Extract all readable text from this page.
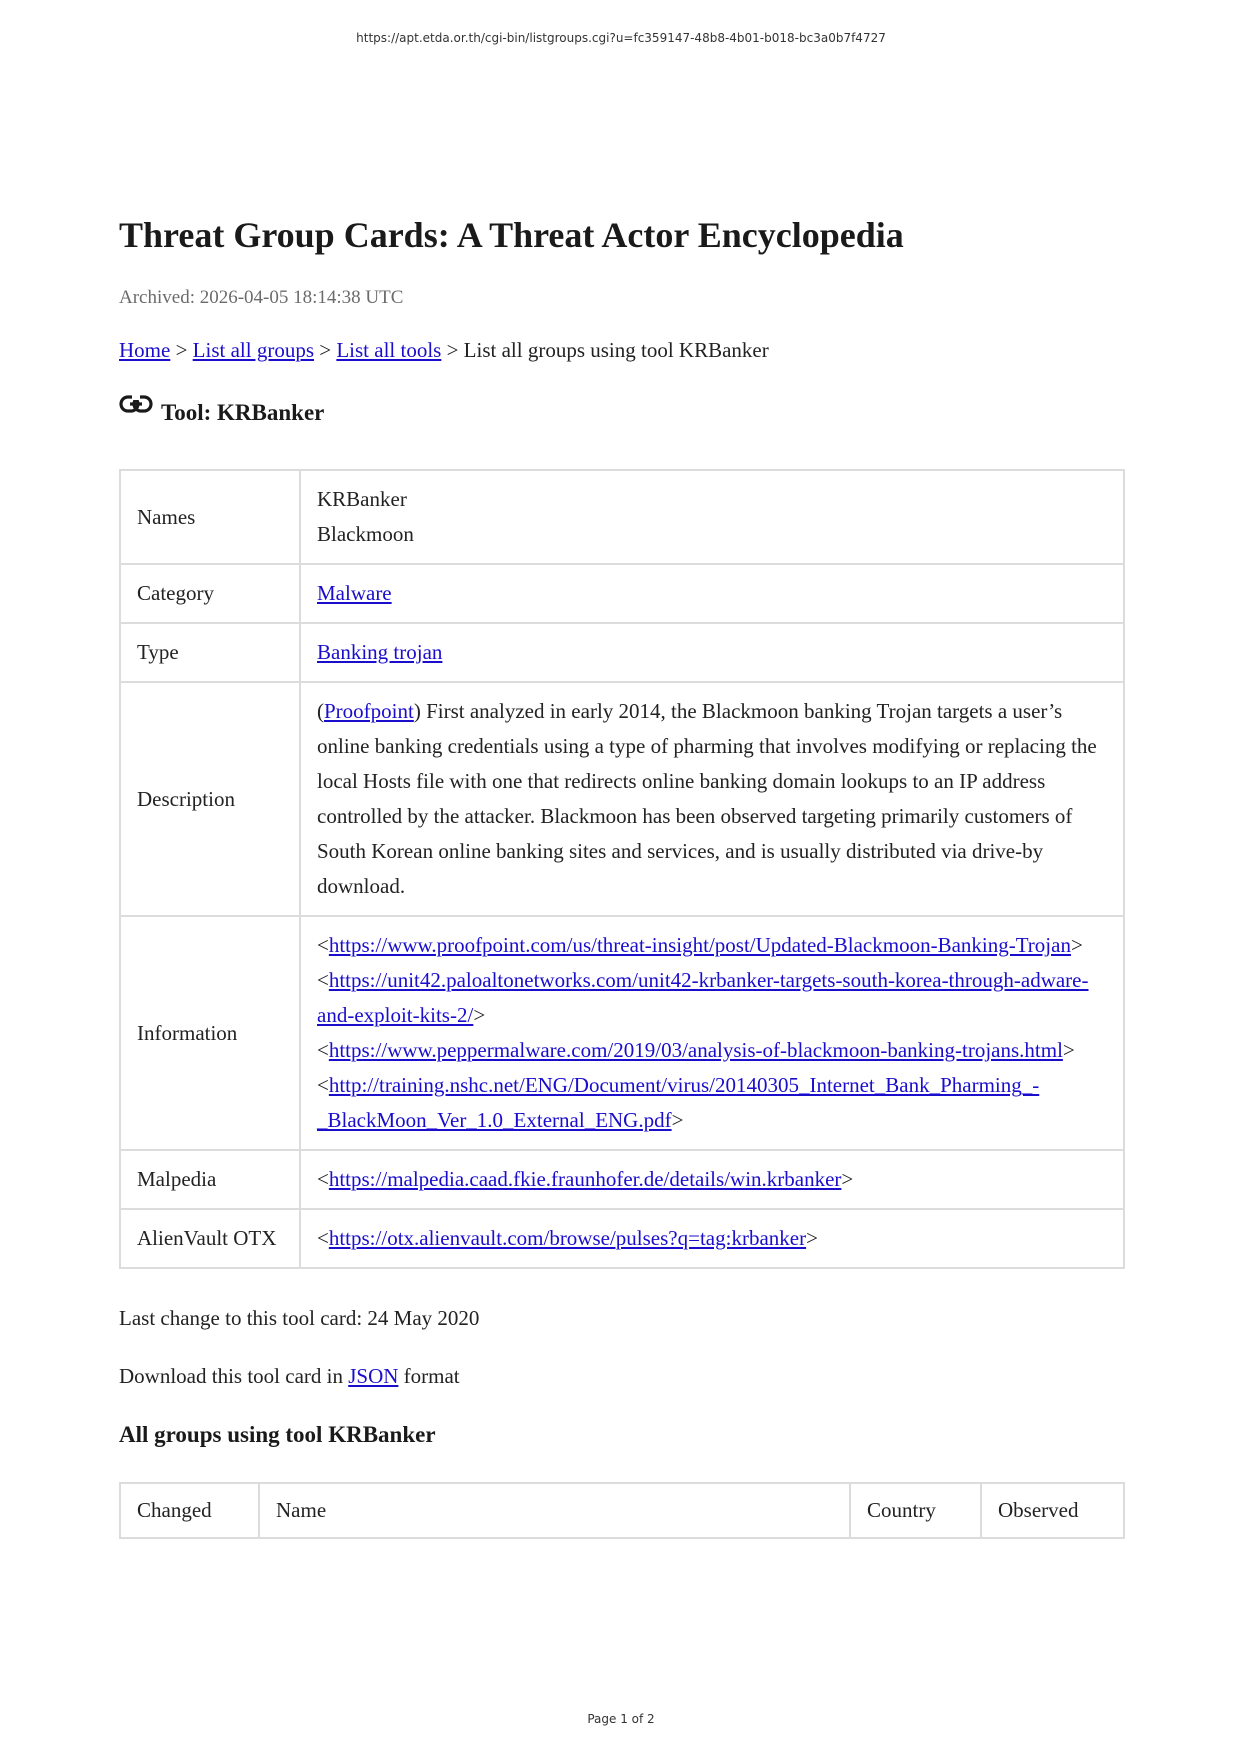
https://apt.etda.or.th/cgi-bin/listgroups.cgi?u=fc359147-48b8-4b01-b018-bc3a0b7f4727
Threat Group Cards: A Threat Actor Encyclopedia
Archived: 2026-04-05 18:14:38 UTC
Home > List all groups > List all tools > List all groups using tool KRBanker
Tool: KRBanker
Names	KRBanker
Blackmoon

Category	Malware
Type	Banking trojan
Description	(Proofpoint) First analyzed in early 2014, the Blackmoon banking Trojan targets a user’s online banking credentials using a type of pharming that involves modifying or replacing the local Hosts file with one that redirects online banking domain lookups to an IP address controlled by the attacker. Blackmoon has been observed targeting primarily customers of South Korean online banking sites and services, and is usually distributed via drive-by download.
Information	<https://www.proofpoint.com/us/threat-insight/post/Updated-Blackmoon-Banking-Trojan>
<https://unit42.paloaltonetworks.com/unit42-krbanker-targets-south-korea-through-adware-and-exploit-kits-2/>
<https://www.peppermalware.com/2019/03/analysis-of-blackmoon-banking-trojans.html>
<http://training.nshc.net/ENG/Document/virus/20140305_Internet_Bank_Pharming_-_BlackMoon_Ver_1.0_External_ENG.pdf>

Malpedia	<https://malpedia.caad.fkie.fraunhofer.de/details/win.krbanker>
AlienVault OTX	<https://otx.alienvault.com/browse/pulses?q=tag:krbanker>
Last change to this tool card: 24 May 2020
Download this tool card in JSON format
All groups using tool KRBanker
Changed	Name	Country	Observed
Page 1 of 2
